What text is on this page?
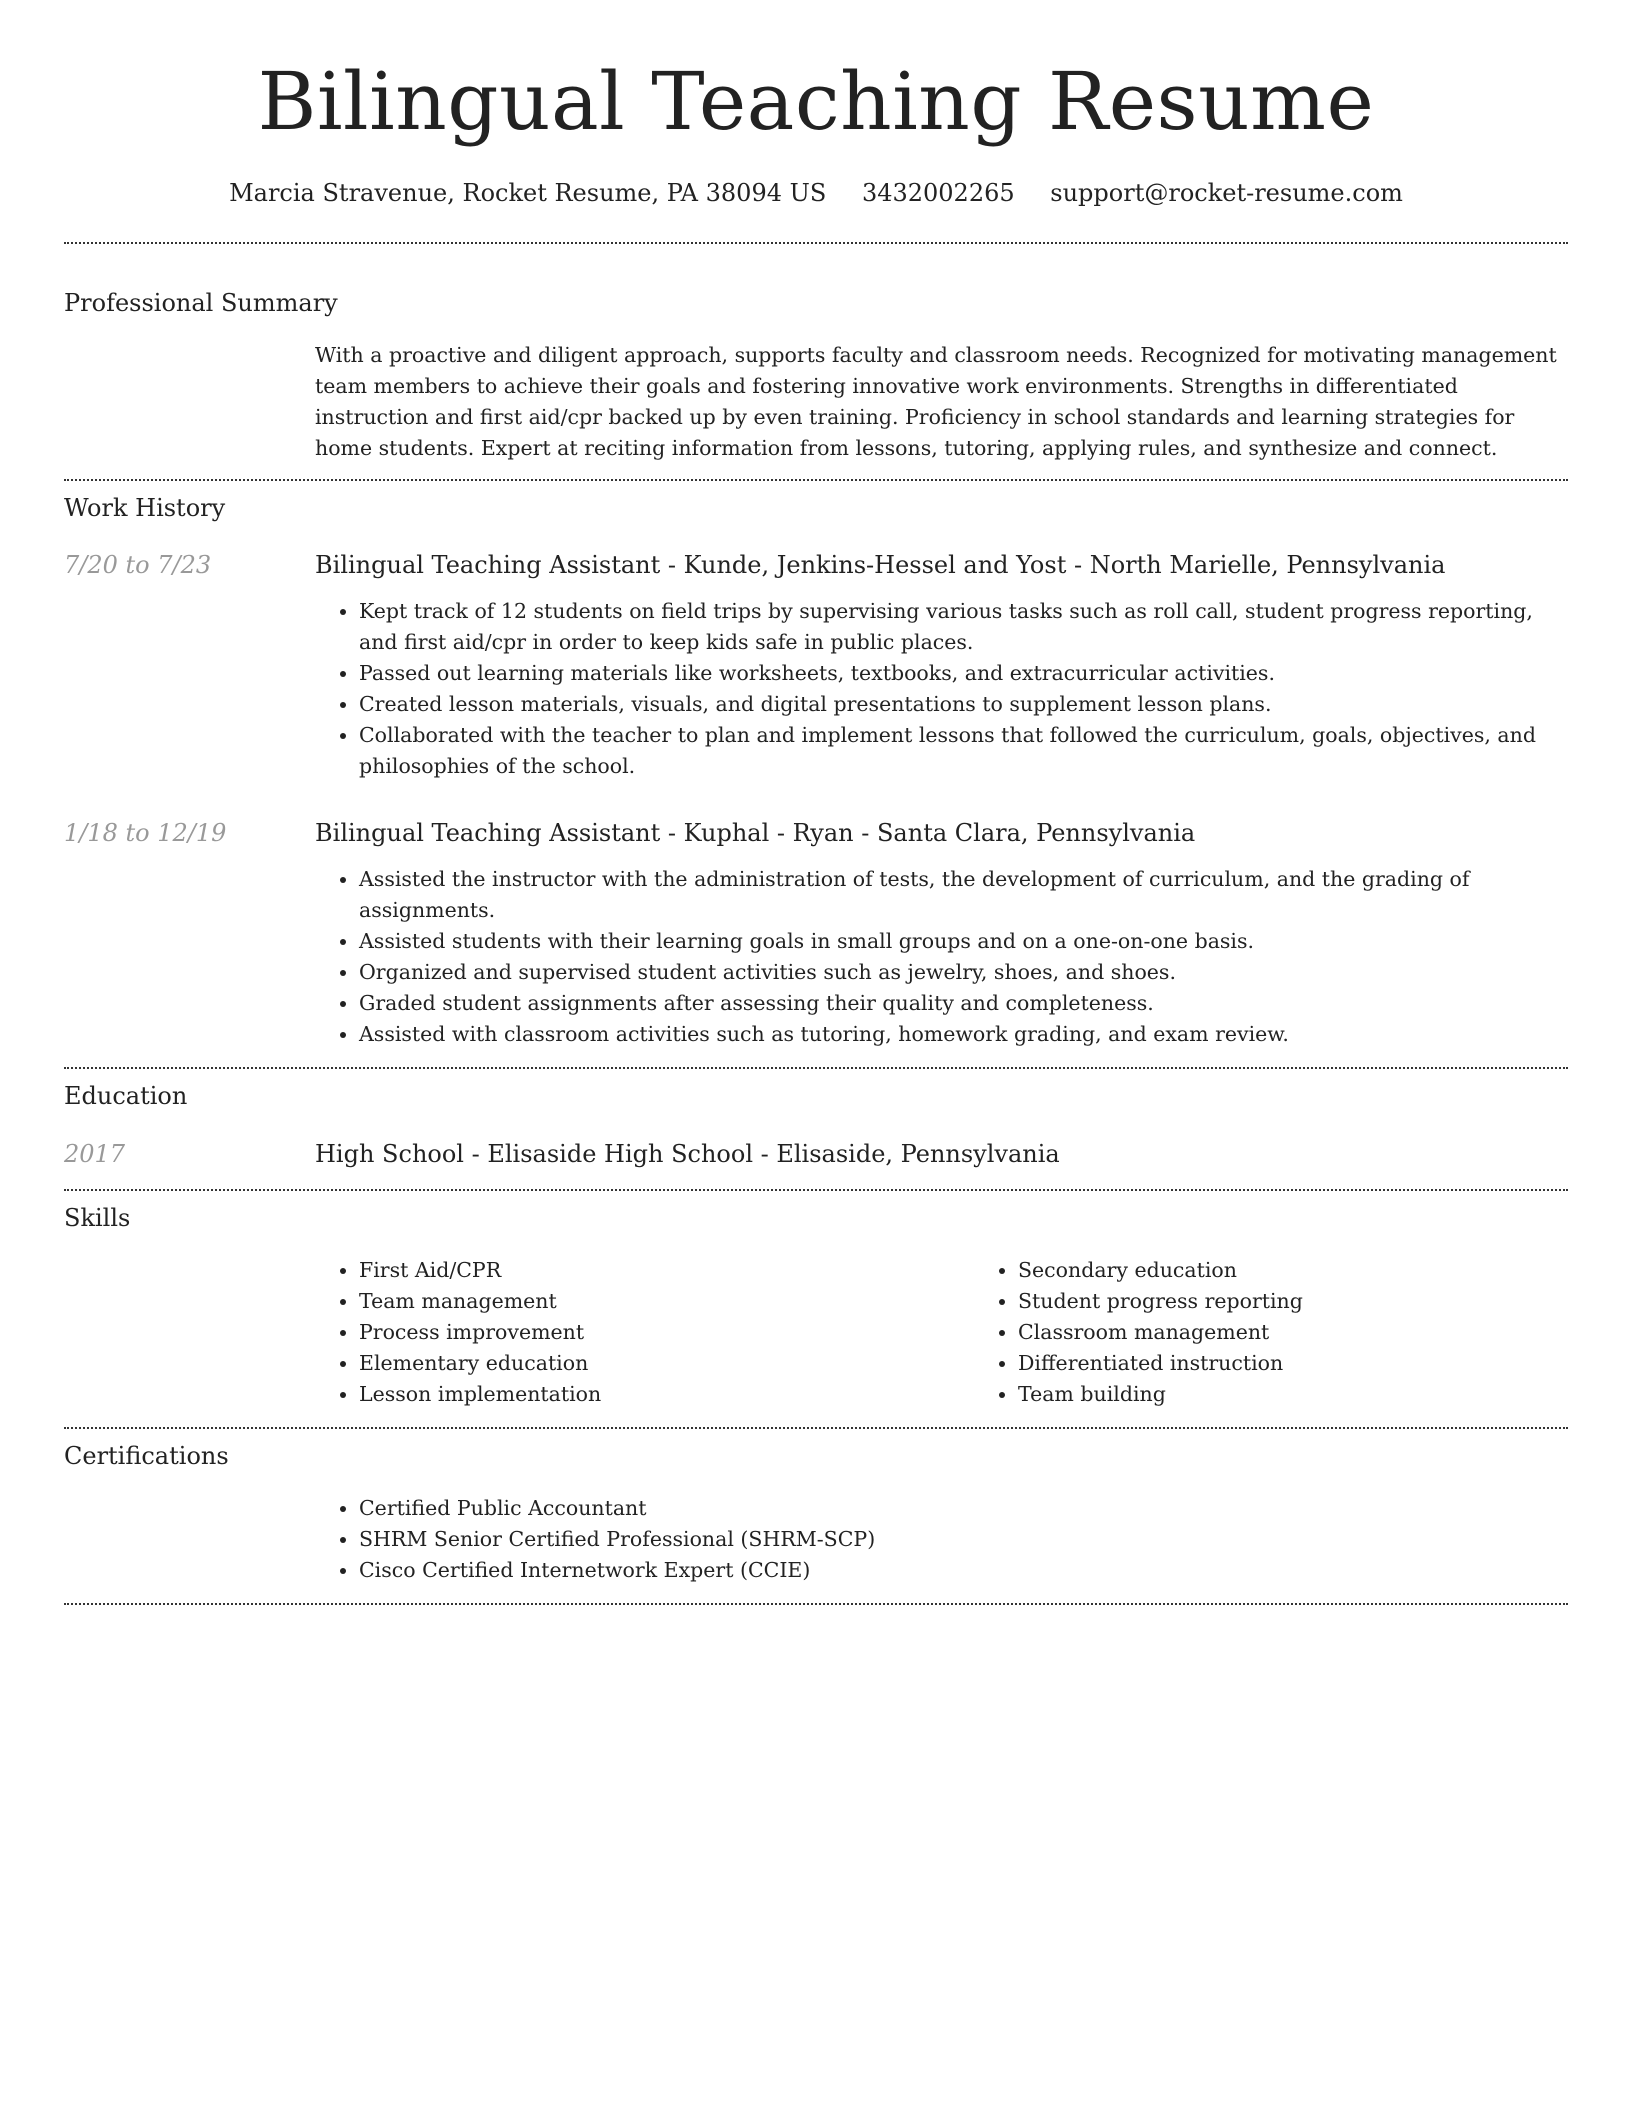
Bilingual Teaching Resume
Marcia Stravenue, Rocket Resume, PA 38094 US 3432002265 support@rocket-resume.com
Professional Summary

With a proactive and diligent approach, supports faculty and classroom needs. Recognized for motivating management team members to achieve their goals and fostering innovative work environments. Strengths in differentiated instruction and first aid/cpr backed up by even training. Proficiency in school standards and learning strategies for home students. Expert at reciting information from lessons, tutoring, applying rules, and synthesize and connect.

Work History
7/20 to 7/23	Bilingual Teaching Assistant - Kunde, Jenkins-Hessel and Yost - North Marielle, Pennsylvania
• Kept track of 12 students on field trips by supervising various tasks such as roll call, student progress reporting, and first aid/cpr in order to keep kids safe in public places.
• Passed out learning materials like worksheets, textbooks, and extracurricular activities.
• Created lesson materials, visuals, and digital presentations to supplement lesson plans.
• Collaborated with the teacher to plan and implement lessons that followed the curriculum, goals, objectives, and philosophies of the school.
1/18 to 12/19	Bilingual Teaching Assistant - Kuphal - Ryan - Santa Clara, Pennsylvania
• Assisted the instructor with the administration of tests, the development of curriculum, and the grading of assignments.
• Assisted students with their learning goals in small groups and on a one-on-one basis.
• Organized and supervised student activities such as jewelry, shoes, and shoes.
• Graded student assignments after assessing their quality and completeness.
• Assisted with classroom activities such as tutoring, homework grading, and exam review.
Education
2017	High School - Elisaside High School - Elisaside, Pennsylvania
Skills
• First Aid/CPR
• Team management
• Process improvement
• Elementary education
• Lesson implementation
• Secondary education
• Student progress reporting
• Classroom management
• Differentiated instruction
• Team building
Certifications
• Certified Public Accountant
• SHRM Senior Certified Professional (SHRM-SCP)
• Cisco Certified Internetwork Expert (CCIE)
